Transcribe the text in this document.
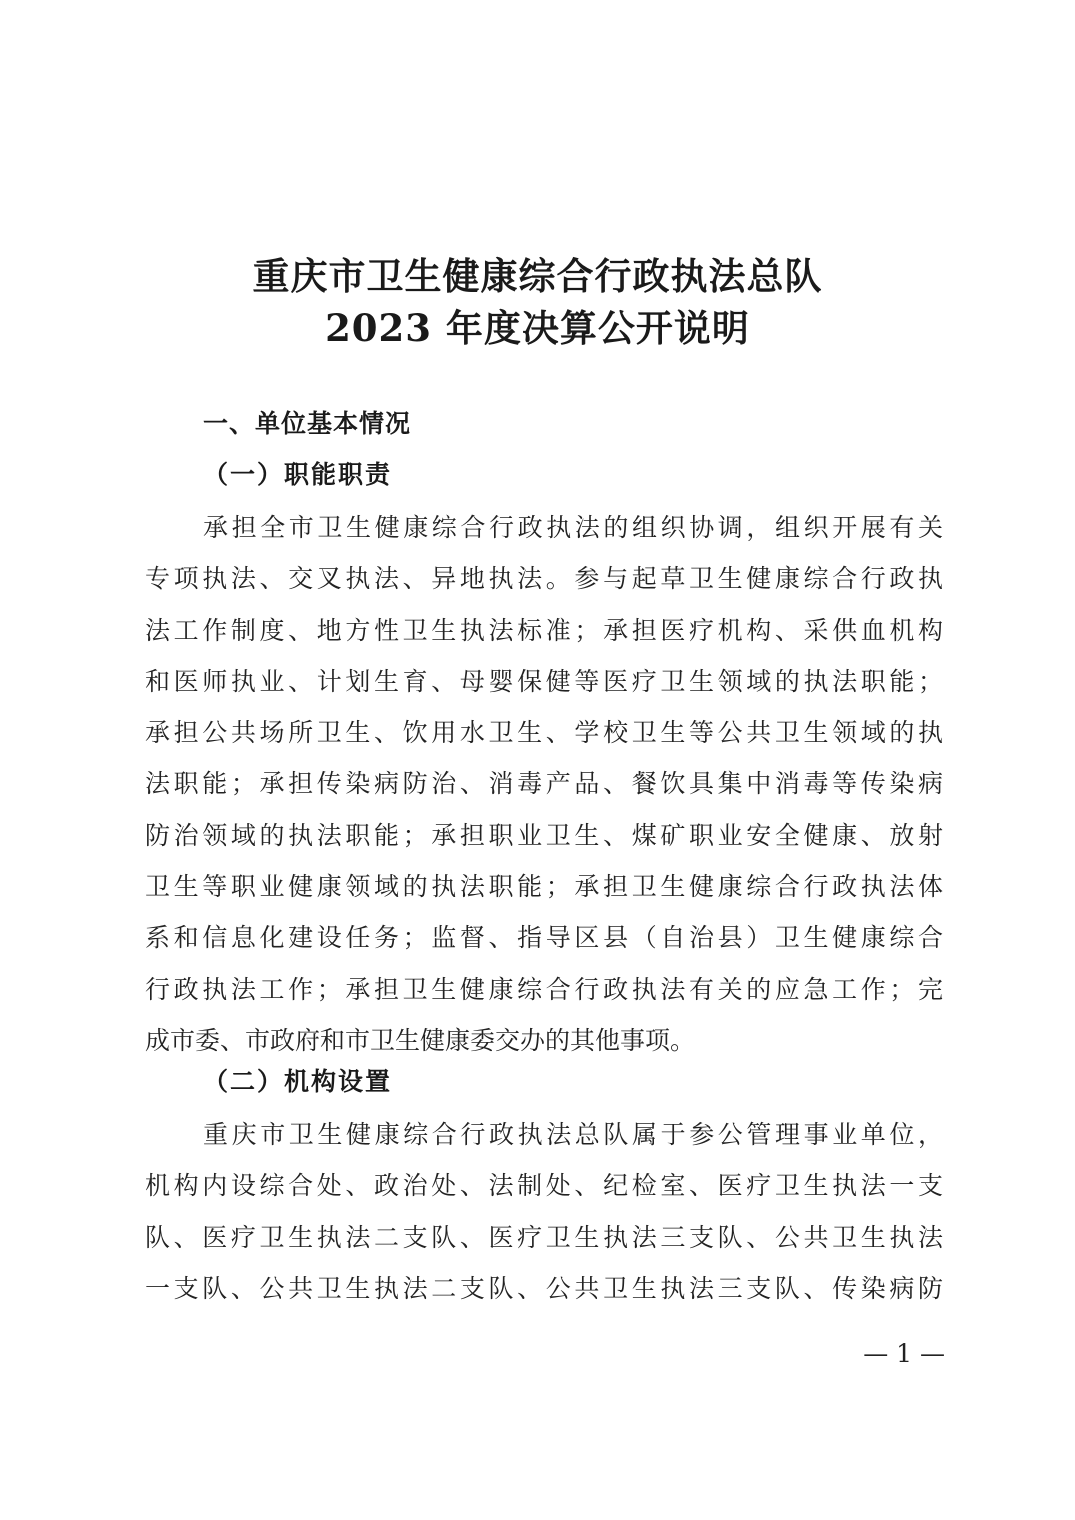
重庆市卫生健康综合行政执法总队
2023 年度决算公开说明
一、单位基本情况
（一）职能职责
承担全市卫生健康综合行政执法的组织协调，组织开展有关
专项执法、交叉执法、异地执法。参与起草卫生健康综合行政执
法工作制度、地方性卫生执法标准；承担医疗机构、采供血机构
和医师执业、计划生育、母婴保健等医疗卫生领域的执法职能；
承担公共场所卫生、饮用水卫生、学校卫生等公共卫生领域的执
法职能；承担传染病防治、消毒产品、餐饮具集中消毒等传染病
防治领域的执法职能；承担职业卫生、煤矿职业安全健康、放射
卫生等职业健康领域的执法职能；承担卫生健康综合行政执法体
系和信息化建设任务；监督、指导区县（自治县）卫生健康综合
行政执法工作；承担卫生健康综合行政执法有关的应急工作；完
成市委、市政府和市卫生健康委交办的其他事项。
（二）机构设置
重庆市卫生健康综合行政执法总队属于参公管理事业单位，
机构内设综合处、政治处、法制处、纪检室、医疗卫生执法一支
队、医疗卫生执法二支队、医疗卫生执法三支队、公共卫生执法
一支队、公共卫生执法二支队、公共卫生执法三支队、传染病防
— 1 —
